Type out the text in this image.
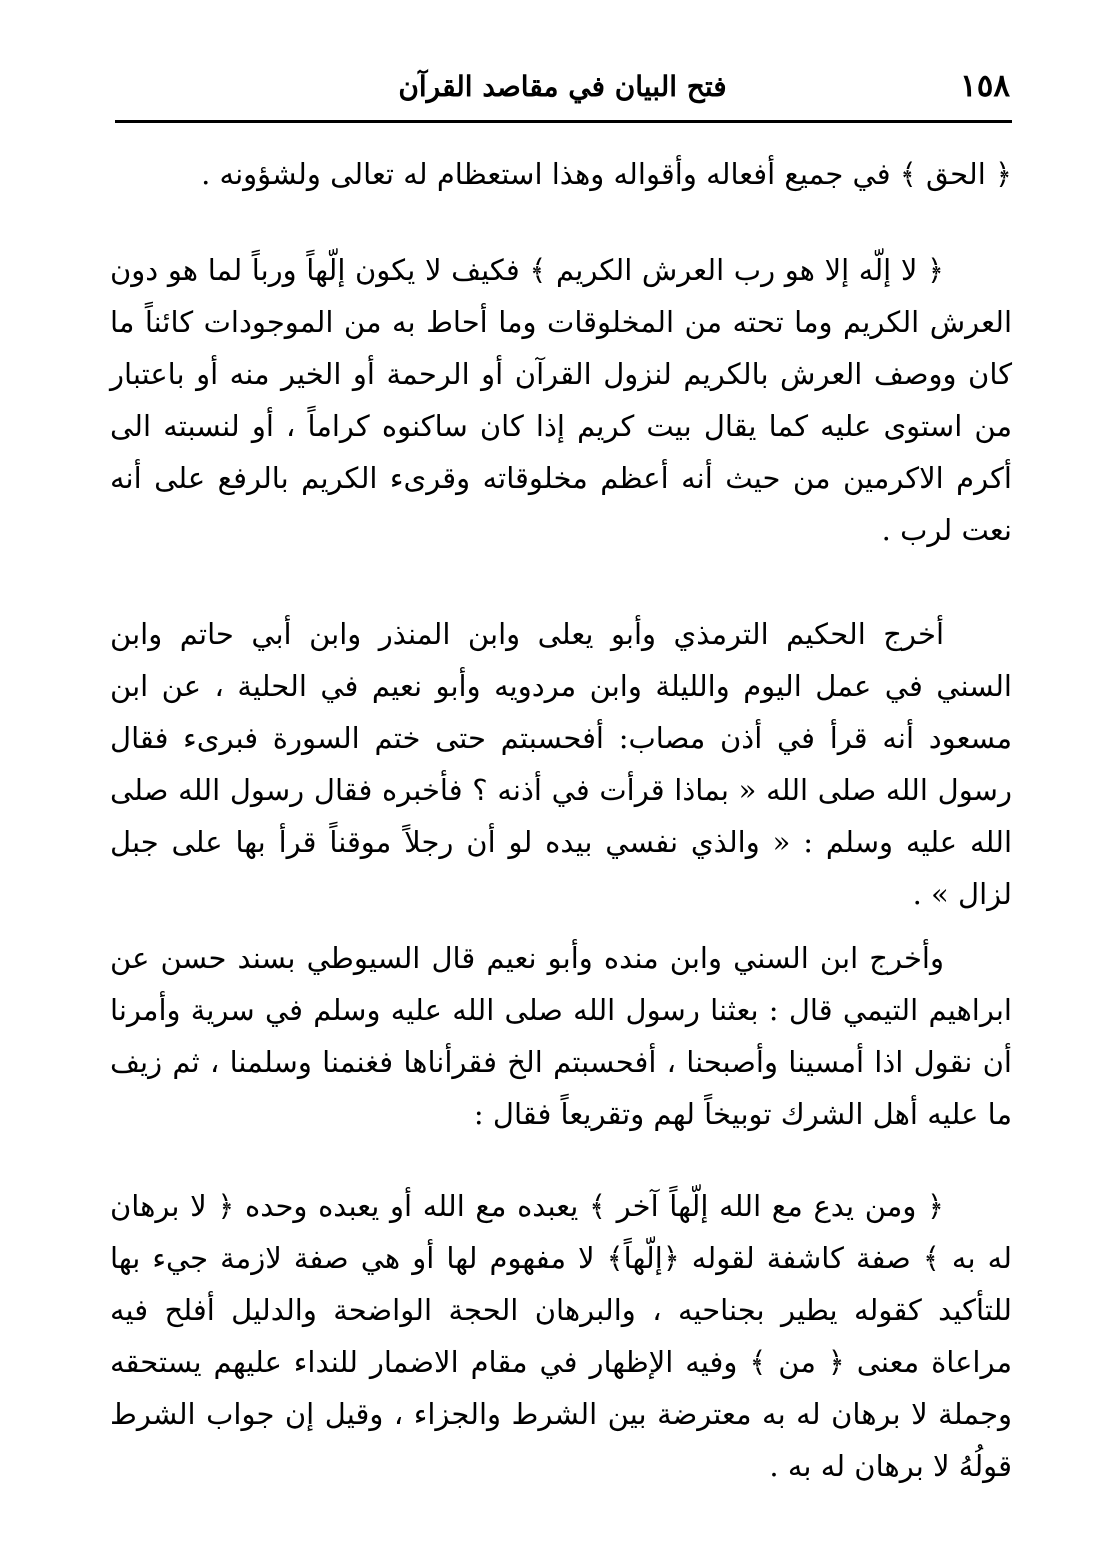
١٥٨
فتح البيان في مقاصد القرآن

﴿ الحق ﴾ في جميع أفعاله وأقواله وهذا استعظام له تعالى ولشؤونه .

﴿ لا إلّه إلا هو رب العرش الكريم ﴾ فكيف لا يكون إلّهاً ورباً لما هو دون العرش الكريم وما تحته من المخلوقات وما أحاط به من الموجودات كائناً ما كان ووصف العرش بالكريم لنزول القرآن أو الرحمة أو الخير منه أو باعتبار من استوى عليه كما يقال بيت كريم إذا كان ساكنوه كراماً ، أو لنسبته الى أكرم الاكرمين من حيث أنه أعظم مخلوقاته وقرىء الكريم بالرفع على أنه نعت لرب .

أخرج الحكيم الترمذي وأبو يعلى وابن المنذر وابن أبي حاتم وابن السني في عمل اليوم والليلة وابن مردويه وأبو نعيم في الحلية ، عن ابن مسعود أنه قرأ في أذن مصاب: أفحسبتم حتى ختم السورة فبرىء فقال رسول الله صلى الله « بماذا قرأت في أذنه ؟ فأخبره فقال رسول الله صلى الله عليه وسلم : « والذي نفسي بيده لو أن رجلاً موقناً قرأ بها على جبل لزال » .

وأخرج ابن السني وابن منده وأبو نعيم قال السيوطي بسند حسن عن ابراهيم التيمي قال : بعثنا رسول الله صلى الله عليه وسلم في سرية وأمرنا أن نقول اذا أمسينا وأصبحنا ، أفحسبتم الخ فقرأناها فغنمنا وسلمنا ، ثم زيف ما عليه أهل الشرك توبيخاً لهم وتقريعاً فقال :

﴿ ومن يدع مع الله إلّهاً آخر ﴾ يعبده مع الله أو يعبده وحده ﴿ لا برهان له به ﴾ صفة كاشفة لقوله ﴿إلّهاً﴾ لا مفهوم لها أو هي صفة لازمة جيء بها للتأكيد كقوله يطير بجناحيه ، والبرهان الحجة الواضحة والدليل أفلح فيه مراعاة معنى ﴿ من ﴾ وفيه الإظهار في مقام الاضمار للنداء عليهم يستحقه وجملة لا برهان له به معترضة بين الشرط والجزاء ، وقيل إن جواب الشرط قولُهُ لا برهان له به .
